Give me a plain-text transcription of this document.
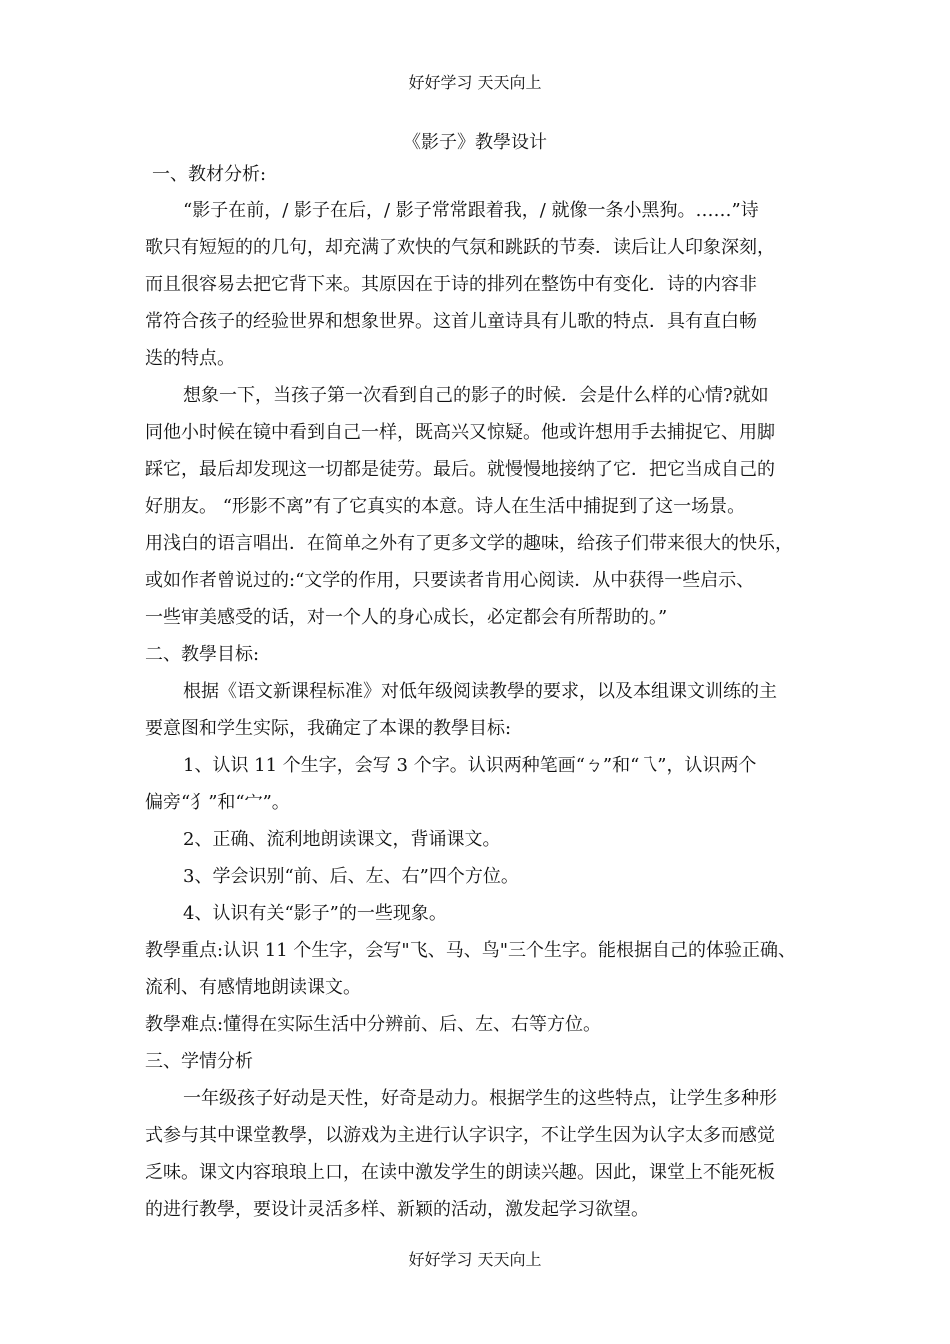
好好学习 天天向上
《影子》教學设计
一、教材分析:
“影子在前，/ 影子在后，/ 影子常常跟着我，/ 就像一条小黑狗。……”诗
歌只有短短的的几句，却充满了欢快的气氛和跳跃的节奏．读后让人印象深刻，
而且很容易去把它背下来。其原因在于诗的排列在整饬中有变化．诗的内容非
常符合孩子的经验世界和想象世界。这首儿童诗具有儿歌的特点．具有直白畅
迭的特点。
想象一下，当孩子第一次看到自己的影子的时候．会是什么样的心情?就如
同他小时候在镜中看到自己一样，既高兴又惊疑。他或许想用手去捕捉它、用脚
踩它，最后却发现这一切都是徒劳。最后。就慢慢地接纳了它．把它当成自己的
好朋友。 “形影不离”有了它真实的本意。诗人在生活中捕捉到了这一场景。
用浅白的语言唱出．在简单之外有了更多文学的趣味，给孩子们带来很大的快乐，
或如作者曾说过的:“文学的作用，只要读者肯用心阅读．从中获得一些启示、
一些审美感受的话，对一个人的身心成长，必定都会有所帮助的。”
二、教學目标:
根据《语文新课程标准》对低年级阅读教學的要求，以及本组课文训练的主
要意图和学生实际，我确定了本课的教學目标:
1、认识 11 个生字，会写 3 个字。认识两种笔画“ㄅ”和“乁”，认识两个
偏旁“犭”和“宀”。
2、正确、流利地朗读课文，背诵课文。
3、学会识别“前、后、左、右”四个方位。
4、认识有关“影子”的一些现象。
教學重点:认识 11 个生字，会写"飞、马、鸟"三个生字。能根据自己的体验正确、
流利、有感情地朗读课文。
教學难点:懂得在实际生活中分辨前、后、左、右等方位。
三、学情分析
一年级孩子好动是天性，好奇是动力。根据学生的这些特点，让学生多种形
式参与其中课堂教學，以游戏为主进行认字识字，不让学生因为认字太多而感觉
乏味。课文内容琅琅上口，在读中激发学生的朗读兴趣。因此，课堂上不能死板
的进行教學，要设计灵活多样、新颖的活动，激发起学习欲望。
好好学习 天天向上
